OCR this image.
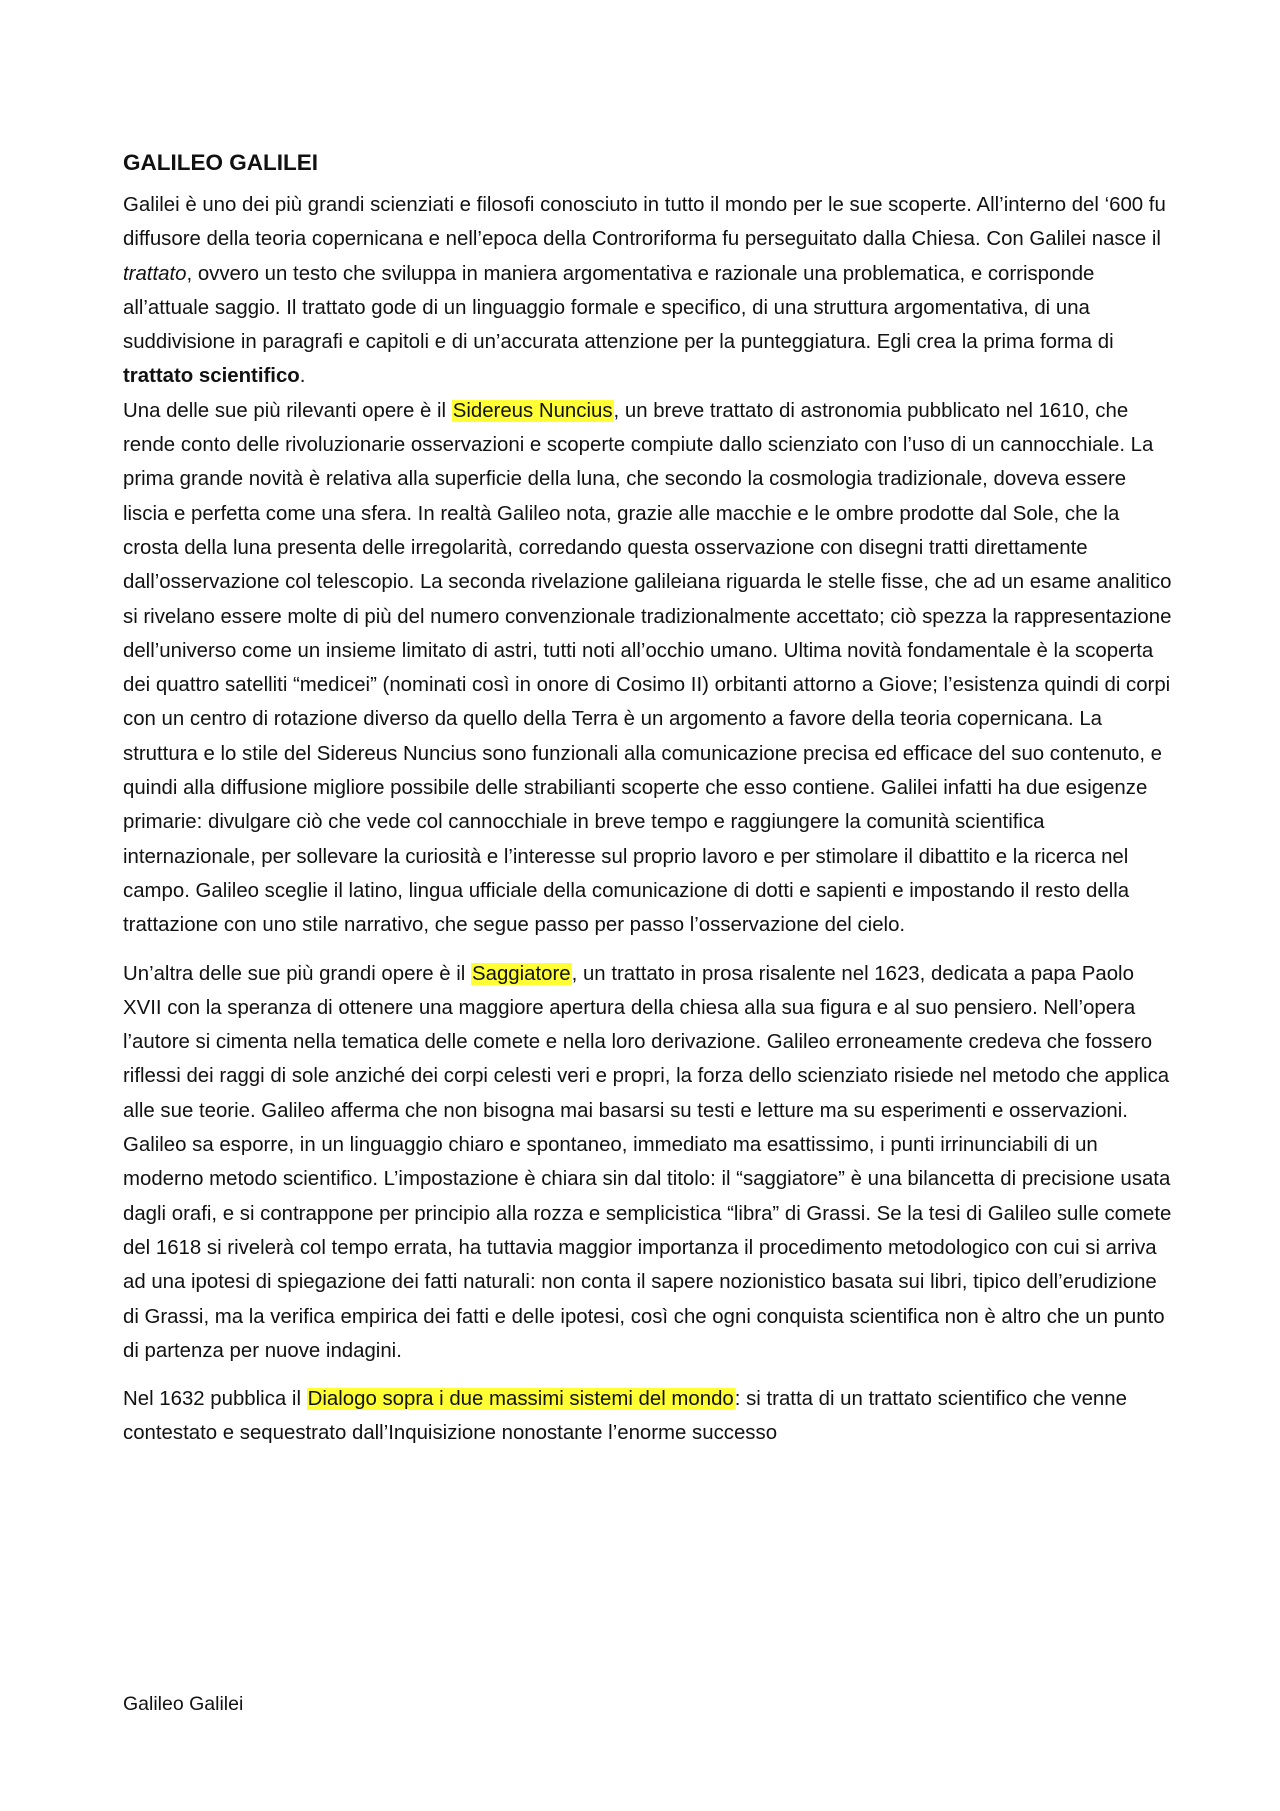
GALILEO GALILEI

Galilei è uno dei più grandi scienziati e filosofi conosciuto in tutto il mondo per le sue scoperte. All’interno del ‘600 fu diffusore della teoria copernicana e nell’epoca della Controriforma fu perseguitato dalla Chiesa. Con Galilei nasce il trattato, ovvero un testo che sviluppa in maniera argomentativa e razionale una problematica, e corrisponde all’attuale saggio. Il trattato gode di un linguaggio formale e specifico, di una struttura argomentativa, di una suddivisione in paragrafi e capitoli e di un’accurata attenzione per la punteggiatura. Egli crea la prima forma di trattato scientifico.

Una delle sue più rilevanti opere è il Sidereus Nuncius, un breve trattato di astronomia pubblicato nel 1610, che rende conto delle rivoluzionarie osservazioni e scoperte compiute dallo scienziato con l’uso di un cannocchiale. La prima grande novità è relativa alla superficie della luna, che secondo la cosmologia tradizionale, doveva essere liscia e perfetta come una sfera. In realtà Galileo nota, grazie alle macchie e le ombre prodotte dal Sole, che la crosta della luna presenta delle irregolarità, corredando questa osservazione con disegni tratti direttamente dall’osservazione col telescopio. La seconda rivelazione galileiana riguarda le stelle fisse, che ad un esame analitico si rivelano essere molte di più del numero convenzionale tradizionalmente accettato; ciò spezza la rappresentazione dell’universo come un insieme limitato di astri, tutti noti all’occhio umano. Ultima novità fondamentale è la scoperta dei quattro satelliti “medicei” (nominati così in onore di Cosimo II) orbitanti attorno a Giove; l’esistenza quindi di corpi con un centro di rotazione diverso da quello della Terra è un argomento a favore della teoria copernicana. La struttura e lo stile del Sidereus Nuncius sono funzionali alla comunicazione precisa ed efficace del suo contenuto, e quindi alla diffusione migliore possibile delle strabilianti scoperte che esso contiene. Galilei infatti ha due esigenze primarie: divulgare ciò che vede col cannocchiale in breve tempo e raggiungere la comunità scientifica internazionale, per sollevare la curiosità e l’interesse sul proprio lavoro e per stimolare il dibattito e la ricerca nel campo. Galileo sceglie il latino, lingua ufficiale della comunicazione di dotti e sapienti e impostando il resto della trattazione con uno stile narrativo, che segue passo per passo l’osservazione del cielo.

Un’altra delle sue più grandi opere è il Saggiatore, un trattato in prosa risalente nel 1623, dedicata a papa Paolo XVII con la speranza di ottenere una maggiore apertura della chiesa alla sua figura e al suo pensiero. Nell’opera l’autore si cimenta nella tematica delle comete e nella loro derivazione. Galileo erroneamente credeva che fossero riflessi dei raggi di sole anziché dei corpi celesti veri e propri, la forza dello scienziato risiede nel metodo che applica alle sue teorie. Galileo afferma che non bisogna mai basarsi su testi e letture ma su esperimenti e osservazioni. Galileo sa esporre, in un linguaggio chiaro e spontaneo, immediato ma esattissimo, i punti irrinunciabili di un moderno metodo scientifico. L’impostazione è chiara sin dal titolo: il “saggiatore” è una bilancetta di precisione usata dagli orafi, e si contrappone per principio alla rozza e semplicistica “libra” di Grassi. Se la tesi di Galileo sulle comete del 1618 si rivelerà col tempo errata, ha tuttavia maggior importanza il procedimento metodologico con cui si arriva ad una ipotesi di spiegazione dei fatti naturali: non conta il sapere nozionistico basata sui libri, tipico dell’erudizione di Grassi, ma la verifica empirica dei fatti e delle ipotesi, così che ogni conquista scientifica non è altro che un punto di partenza per nuove indagini.

Nel 1632 pubblica il Dialogo sopra i due massimi sistemi del mondo: si tratta di un trattato scientifico che venne contestato e sequestrato dall’Inquisizione nonostante l’enorme successo

Galileo Galilei
